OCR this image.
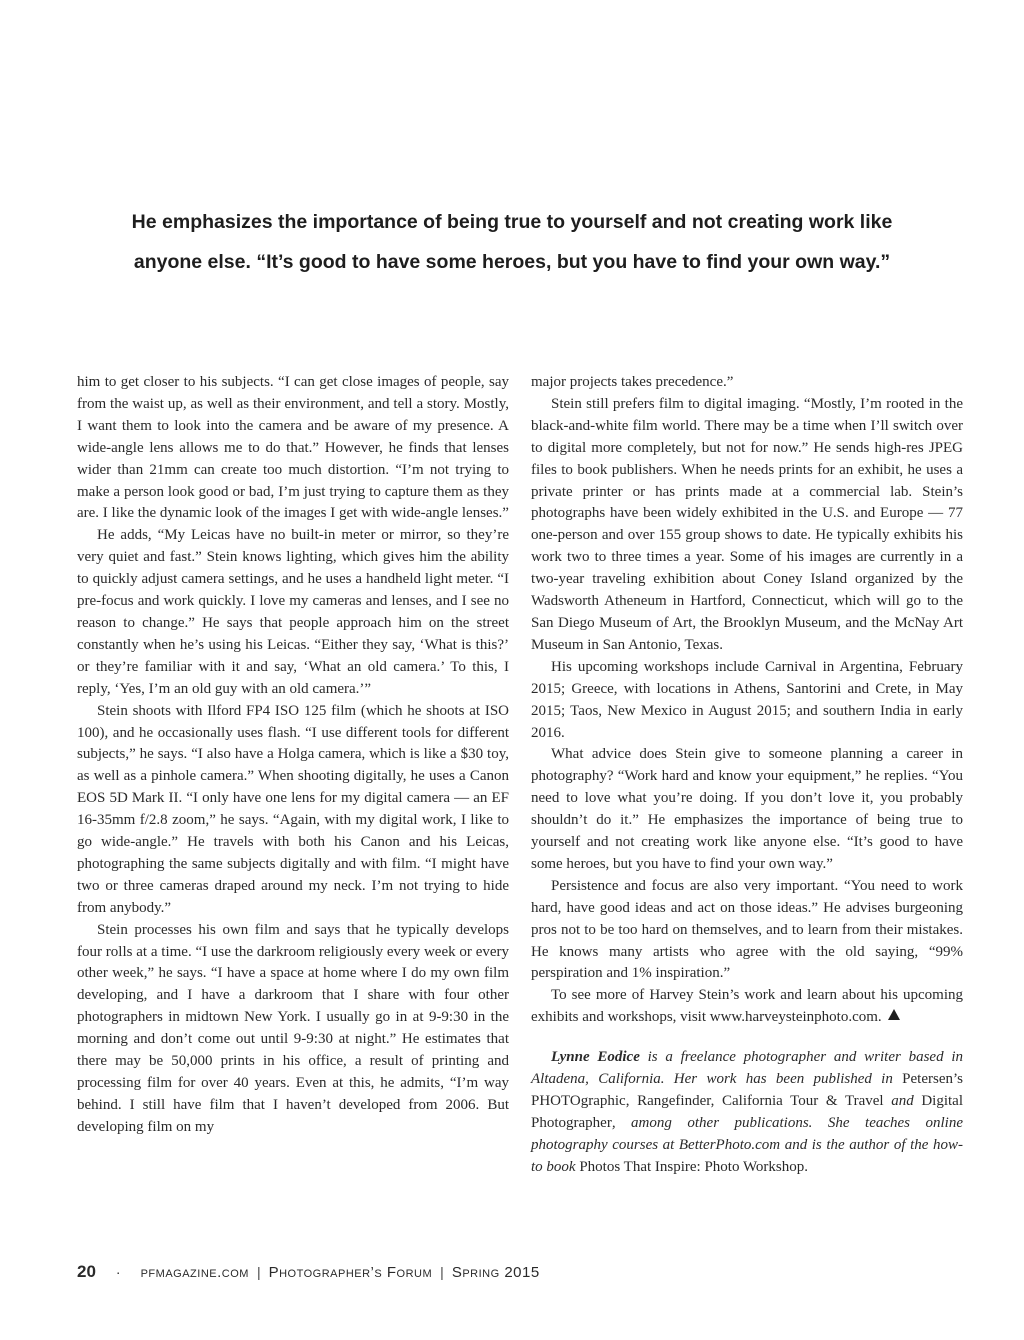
He emphasizes the importance of being true to yourself and not creating work like
anyone else. “It’s good to have some heroes, but you have to find your own way.”

him to get closer to his subjects. “I can get close images of people, say from the waist up, as well as their environment, and tell a story. Mostly, I want them to look into the camera and be aware of my presence. A wide-angle lens allows me to do that.” However, he finds that lenses wider than 21mm can create too much distortion. “I’m not trying to make a person look good or bad, I’m just trying to capture them as they are. I like the dynamic look of the images I get with wide-angle lenses.”

He adds, “My Leicas have no built-in meter or mirror, so they’re very quiet and fast.” Stein knows lighting, which gives him the ability to quickly adjust camera settings, and he uses a handheld light meter. “I pre-focus and work quickly. I love my cameras and lenses, and I see no reason to change.” He says that people approach him on the street constantly when he’s using his Leicas. “Either they say, ‘What is this?’ or they’re familiar with it and say, ‘What an old camera.’ To this, I reply, ‘Yes, I’m an old guy with an old camera.’”

Stein shoots with Ilford FP4 ISO 125 film (which he shoots at ISO 100), and he occasionally uses flash. “I use different tools for different subjects,” he says. “I also have a Holga camera, which is like a $30 toy, as well as a pinhole camera.” When shooting digitally, he uses a Canon EOS 5D Mark II. “I only have one lens for my digital camera — an EF 16-35mm f/2.8 zoom,” he says. “Again, with my digital work, I like to go wide-angle.” He travels with both his Canon and his Leicas, photographing the same subjects digitally and with film. “I might have two or three cameras draped around my neck. I’m not trying to hide from anybody.”

Stein processes his own film and says that he typically develops four rolls at a time. “I use the darkroom religiously every week or every other week,” he says. “I have a space at home where I do my own film developing, and I have a darkroom that I share with four other photographers in midtown New York. I usually go in at 9-9:30 in the morning and don’t come out until 9-9:30 at night.” He estimates that there may be 50,000 prints in his office, a result of printing and processing film for over 40 years. Even at this, he admits, “I’m way behind. I still have film that I haven’t developed from 2006. But developing film on my

major projects takes precedence.”

Stein still prefers film to digital imaging. “Mostly, I’m rooted in the black-and-white film world. There may be a time when I’ll switch over to digital more completely, but not for now.” He sends high-res JPEG files to book publishers. When he needs prints for an exhibit, he uses a private printer or has prints made at a commercial lab. Stein’s photographs have been widely exhibited in the U.S. and Europe — 77 one-person and over 155 group shows to date. He typically exhibits his work two to three times a year. Some of his images are currently in a two-year traveling exhibition about Coney Island organized by the Wadsworth Atheneum in Hartford, Connecticut, which will go to the San Diego Museum of Art, the Brooklyn Museum, and the McNay Art Museum in San Antonio, Texas.

His upcoming workshops include Carnival in Argentina, February 2015; Greece, with locations in Athens, Santorini and Crete, in May 2015; Taos, New Mexico in August 2015; and southern India in early 2016.

What advice does Stein give to someone planning a career in photography? “Work hard and know your equipment,” he replies. “You need to love what you’re doing. If you don’t love it, you probably shouldn’t do it.” He emphasizes the importance of being true to yourself and not creating work like anyone else. “It’s good to have some heroes, but you have to find your own way.”

Persistence and focus are also very important. “You need to work hard, have good ideas and act on those ideas.” He advises burgeoning pros not to be too hard on themselves, and to learn from their mistakes. He knows many artists who agree with the old saying, “99% perspiration and 1% inspiration.”

To see more of Harvey Stein’s work and learn about his upcoming exhibits and workshops, visit www.harveysteinphoto.com.

Lynne Eodice is a freelance photographer and writer based in Altadena, California. Her work has been published in Petersen’s PHOTOgraphic, Rangefinder, California Tour & Travel and Digital Photographer, among other publications. She teaches online photography courses at BetterPhoto.com and is the author of the how-to book Photos That Inspire: Photo Workshop.

20 · pfmagazine.com | Photographer’s Forum | Spring 2015
